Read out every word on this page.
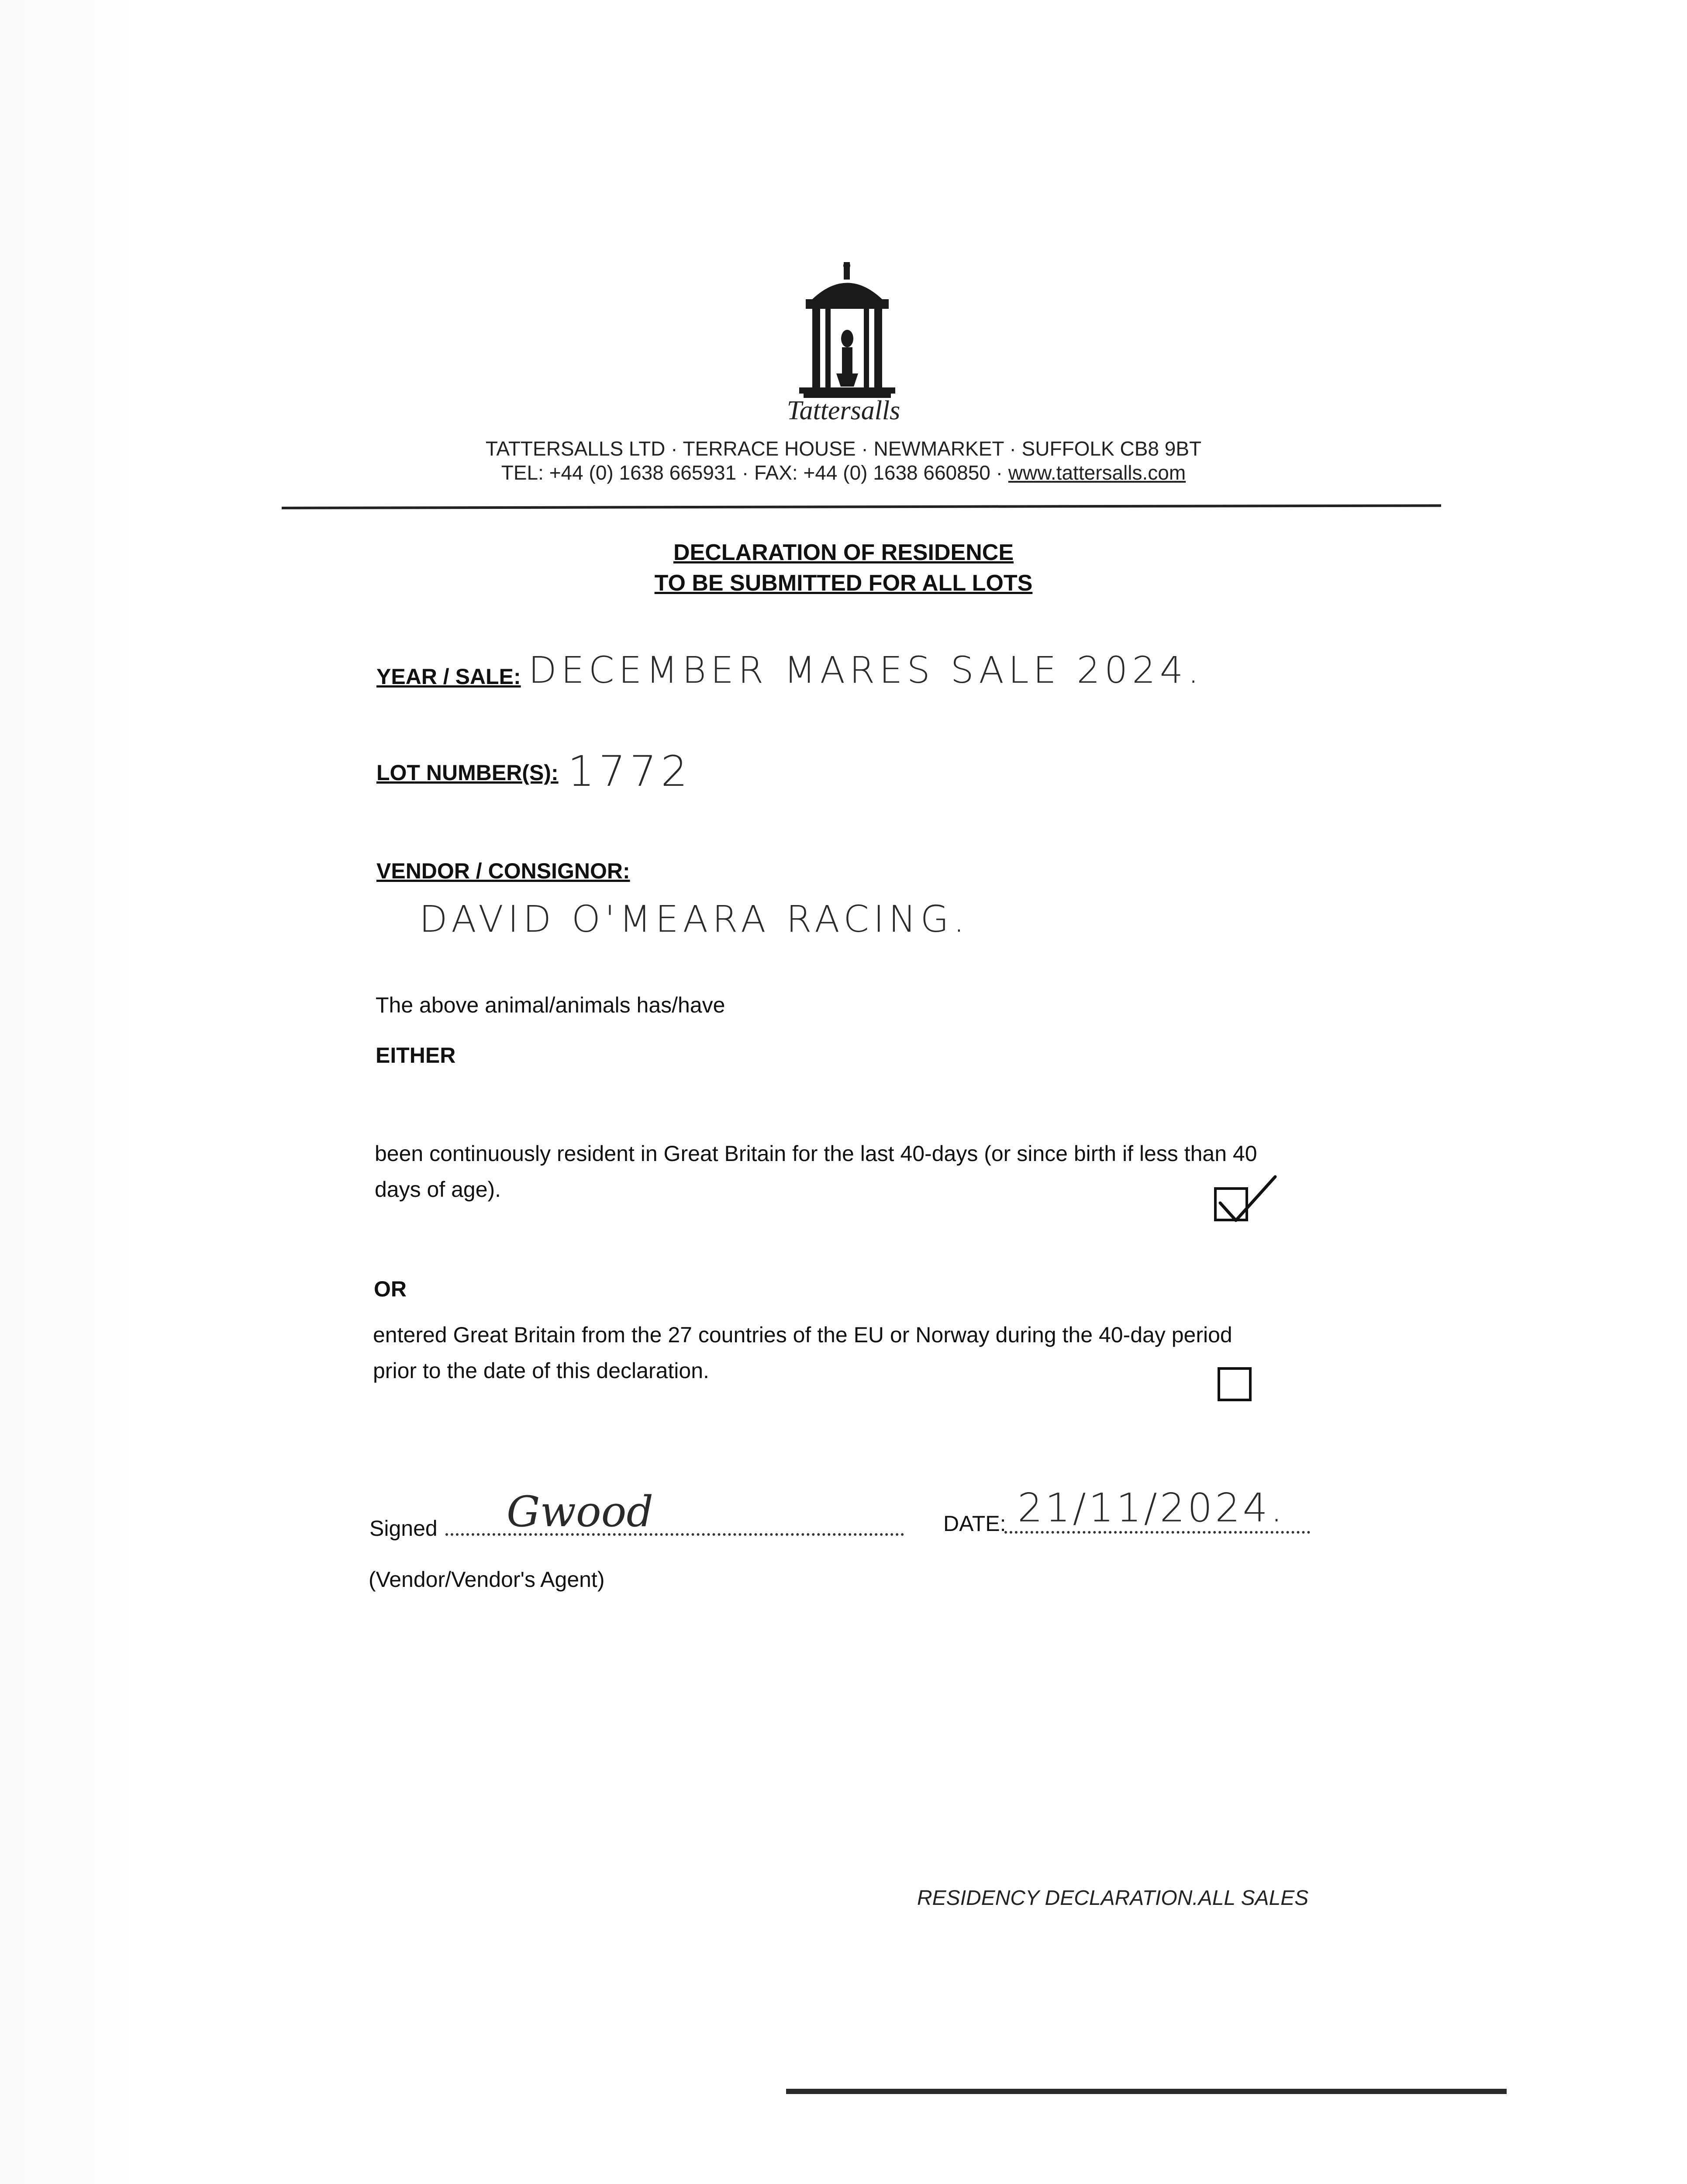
Tattersalls
TATTERSALLS LTD · TERRACE HOUSE · NEWMARKET · SUFFOLK CB8 9BT
TEL: +44 (0) 1638 665931 · FAX: +44 (0) 1638 660850 · www.tattersalls.com
DECLARATION OF RESIDENCE
TO BE SUBMITTED FOR ALL LOTS
YEAR / SALE: DECEMBER MARES SALE 2024.
LOT NUMBER(S): 1772
VENDOR / CONSIGNOR:
DAVID O'MEARA RACING.
The above animal/animals has/have
EITHER
been continuously resident in Great Britain for the last 40-days (or since birth if less than 40
days of age).
OR
entered Great Britain from the 27 countries of the EU or Norway during the 40-day period
prior to the date of this declaration.
Signed Gwood	DATE: 21/11/2024.
(Vendor/Vendor's Agent)
RESIDENCY DECLARATION.ALL SALES
